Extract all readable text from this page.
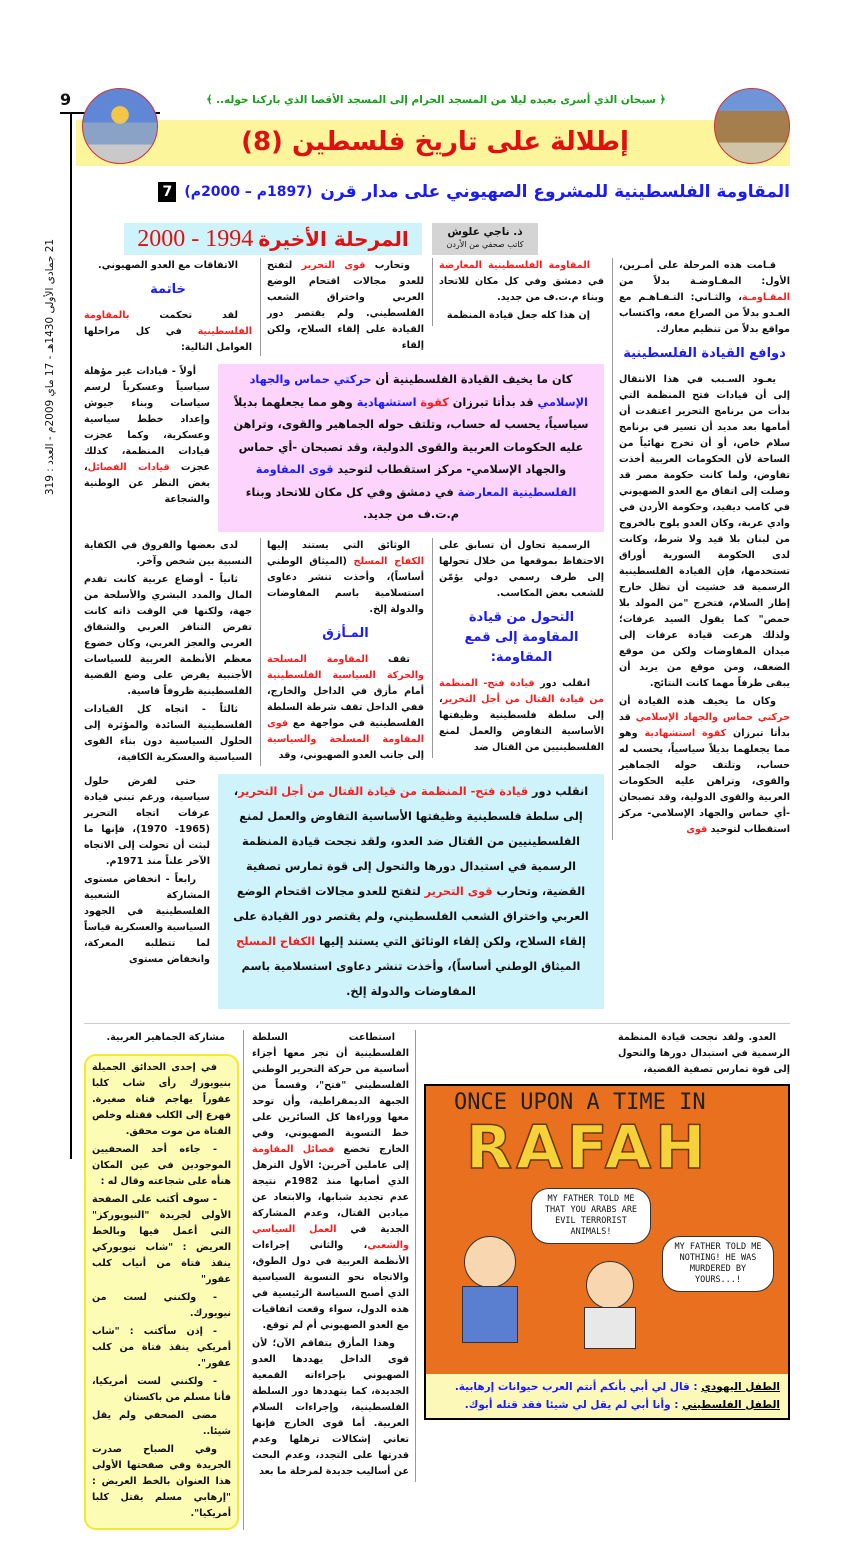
9
21 جمادى الأولى 1430هـ - 17 ماي 2009م - العدد : 319
﴿ سبحان الذي أسرى بعبده ليلا من المسجد الحرام إلى المسجد الأقصا الذي باركنا حوله.. ﴾
إطلالة على تاريخ فلسطين (8)
المقاومة الفلسطينية للمشروع الصهيوني على مدار قرن
(1897م – 2000م)
7
المرحلة الأخيرة 1994 - 2000	ذ. ناجي علوش
كاتب صحفي من الأردن

قـامت هذه المرحلة على أمـرين، الأول: المفـاوضـة بدلاً من المقـاومـة، والثـاني: التـفـاهـم مع العـدو بدلاً من الصراع معه، واكتساب مواقع بدلاً من تنظيم معارك.

دوافع القيادة الفلسطينية

يعـود السـبب في هذا الانتقال إلى أن قيادات فتح المنظمة التي بدأت من برنامج التحرير اعتقدت أن أمامها بعد مديد أن تسير في برنامج سلام خاص، أو أن تخرج نهائياً من الساحة لأن الحكومات العربية أخذت تفاوض، ولما كانت حكومة مصر قد وصلت إلى اتفاق مع العدو الصهيوني في كامب ديفيد، وحكومة الأردن في وادي عربة، وكان العدو يلوح بالخروج من لبنان بلا قيد ولا شرط، وكانت لدى الحكومة السورية أوراق تستخدمها، فإن القيادة الفلسطينية الرسمية قد خشيت أن تظل خارج إطار السلام، فتخرج "من المولد بلا حمص" كما يقول السيد عرفات؛ ولذلك هرعت قيادة عرفات إلى ميدان المفاوضات ولكن من موقع الضعف، ومن موقع من يريد أن يبقى طرفاً مهما كانت النتائج.

وكان ما يخيف هذه القيادة أن حركتي حماس والجهاد الإسلامي قد بدأتا تبرزان كقوة استشهادية وهو مما يجعلهما بديلاً سياسياً، يحسب له حساب، وتلتف حوله الجماهير والقوى، وتراهن عليه الحكومات العربية والقوى الدولية، وقد تصبحان -أي حماس والجهاد الإسلامي- مركز استقطاب لتوحيد قوى

المقاومة الفلسطينية المعارضة في دمشق وفي كل مكان للاتحاد وبناء م.ت.ف من جديد.

إن هذا كله جعل قيادة المنظمة

وتحارب قوى التحرير لتفتح للعدو مجالات اقتحام الوضع العربي واختراق الشعب الفلسطيني. ولم يقتصر دور القيادة على إلقاء السلاح، ولكن إلقاء

الاتفاقات مع العدو الصهيوني.

خاتمة

لقد تحكمت بالمقاومة الفلسطينية في كل مراحلها العوامل التالية:

كان ما يخيف القيادة الفلسطينية أن حركتي حماس والجهاد الإسلامي قد بدأتا تبرزان كقوة استشهادية وهو مما يجعلهما بديلاً سياسياً، يحسب له حساب، وتلتف حوله الجماهير والقوى، وتراهن عليه الحكومات العربية والقوى الدولية، وقد تصبحان -أي حماس والجهاد الإسلامي- مركز استقطاب لتوحيد قوى المقاومة الفلسطينية المعارضة في دمشق وفي كل مكان للاتحاد وبناء م.ت.ف من جديد.

أولاً - قيادات غير مؤهلة سياسياً وعسكرياً لرسم سياسات وبناء جيوش وإعداد خطط سياسية وعسكرية، وكما عجزت قيادات المنظمة، كذلك عجزت قيادات الفصائل، بغض النظر عن الوطنية والشجاعة

الرسمية تحاول أن تسابق على الاحتفاظ بموقعها من خلال تحولها إلى طرف رسمي دولي يؤمّن للشعب بعض المكاسب.

التحول من قيادة المقاومة إلى قمع المقاومة:

انقلب دور قيادة فتح- المنظمة من قيادة القتال من أجل التحرير، إلى سلطة فلسطينية وظيفتها الأساسية التفاوض والعمل لمنع الفلسطينيين من القتال ضد

الوثائق التي يستند إليها الكفاح المسلح (الميثاق الوطني أساساً)، وأخذت تنشر دعاوى استسلامية باسم المفاوضات والدولة إلخ.

المـأزق

تقف المقاومة المسلحة والحركة السياسية الفلسطينية أمام مأزق في الداخل والخارج، ففي الداخل تقف شرطة السلطة الفلسطينية في مواجهة مع قوى المقاومة المسلحة والسياسية إلى جانب العدو الصهيوني، وقد

لدى بعضها والفروق في الكفاية النسبية بين شخص وآخر.

ثانياً - أوضاع عربية كانت تقدم المال والمدد البشري والأسلحة من جهة، ولكنها في الوقت ذاته كانت تفرض التنافر العربي والشقاق العربي والعجز العربي، وكان خضوع معظم الأنظمة العربية للسياسات الأجنبية يفرض على وضع القضية الفلسطينية ظروفاً قاسية.

ثالثاً - اتجاه كل القيادات الفلسطينية السائدة والمؤثرة إلى الحلول السياسية دون بناء القوى السياسية والعسكرية الكافية،

انقلب دور قيادة فتح- المنظمة من قيادة القتال من أجل التحرير، إلى سلطة فلسطينية وظيفتها الأساسية التفاوض والعمل لمنع الفلسطينيين من القتال ضد العدو، ولقد نجحت قيادة المنظمة الرسمية في استبدال دورها والتحول إلى قوة تمارس تصفية القضية، وتحارب قوى التحرير لتفتح للعدو مجالات اقتحام الوضع العربي واختراق الشعب الفلسطيني، ولم يقتصر دور القيادة على إلقاء السلاح، ولكن إلقاء الوثائق التي يستند إليها الكفاح المسلح الميثاق الوطني أساساً)، وأخذت تنشر دعاوى استسلامية باسم المفاوضات والدولة إلخ.

حتى لفرض حلول سياسية، ورغم تبني قيادة عرفات اتجاه التحرير (1965- 1970)، فإنها ما لبثت أن تحولت إلى الاتجاه الآخر علناً منذ 1971م.

رابعاً - انخفاض مستوى المشاركة الشعبية الفلسطينية في الجهود السياسية والعسكرية قياساً لما تتطلبه المعركة، وانخفاض مستوى

العدو. ولقد نجحت قيادة المنظمة الرسمية في استبدال دورها والتحول إلى قوة تمارس تصفية القضية،

ONCE UPON A TIME IN
RAFAH
MY FATHER TOLD ME THAT YOU ARABS ARE EVIL TERRORIST ANIMALS!
MY FATHER TOLD ME NOTHING! HE WAS MURDERED BY YOURS...!
الطفل اليهودي : قال لي أبي بأنكم أنتم العرب حيوانات إرهابية.
الطفل الفلسطيني : وأنا أبي لم يقل لي شيئا فقد قتله أبوك.

استطاعت السلطة الفلسطينية أن تجر معها أجزاء أساسية من حركة التحرير الوطني الفلسطيني "فتح"، وقسماً من الجبهة الديمقراطية، وأن توحد معها ووراءها كل السائرين على خط التسوية الصهيوني، وفي الخارج تخضع فصائل المقاومة إلى عاملين آخرين: الأول الترهل الذي أصابها منذ 1982م نتيجة عدم تجديد شبابها، والابتعاد عن ميادين القتال، وعدم المشاركة الجدية في العمل السياسي والشعبي، والثاني إجراءات الأنظمة العربية في دول الطوق، والاتجاه نحو التسوية السياسية الذي أصبح السياسة الرئيسية في هذه الدول، سواء وقعت اتفاقيات مع العدو الصهيوني أم لم توقع.

وهذا المأزق يتفاقم الآن؛ لأن قوى الداخل يهددها العدو الصهيوني بإجراءاته القمعية الجديدة، كما يتهددها دور السلطة الفلسطينية، وإجراءات السلام العربية. أما قوى الخارج فإنها تعاني إشكالات ترهلها وعدم قدرتها على التجدد، وعدم البحث عن أساليب جديدة لمرحلة ما بعد

مشاركة الجماهير العربية.

في إحدى الحدائق الجميلة بنيويورك رأى شاب كلبا عقوراً يهاجم فتاة صغيرة. فهرع إلى الكلب فقتله وخلص الفتاة من موت محقق.

- جاءه أحد الصحفيين الموجودين في عين المكان هنأه على شجاعته وقال له :

- سوف أكتب على الصفحة الأولى لجريدة "النيويوركز" التي أعمل فيها وبالخط العريض : "شاب نيويوركي ينقذ فتاة من أنياب كلب عقور"

- ولكنني لست من نيويورك.

- إذن سأكتب : "شاب أمريكي ينقذ فتاة من كلب عقور".

- ولكنني لست أمريكيا، فأنا مسلم من باكستان

مضى الصحفي ولم يقل شيئا..

وفي الصباح صدرت الجريدة وفي صفحتها الأولى هذا العنوان بالخط العريض : "إرهابي مسلم يقتل كلبا أمريكيا".
